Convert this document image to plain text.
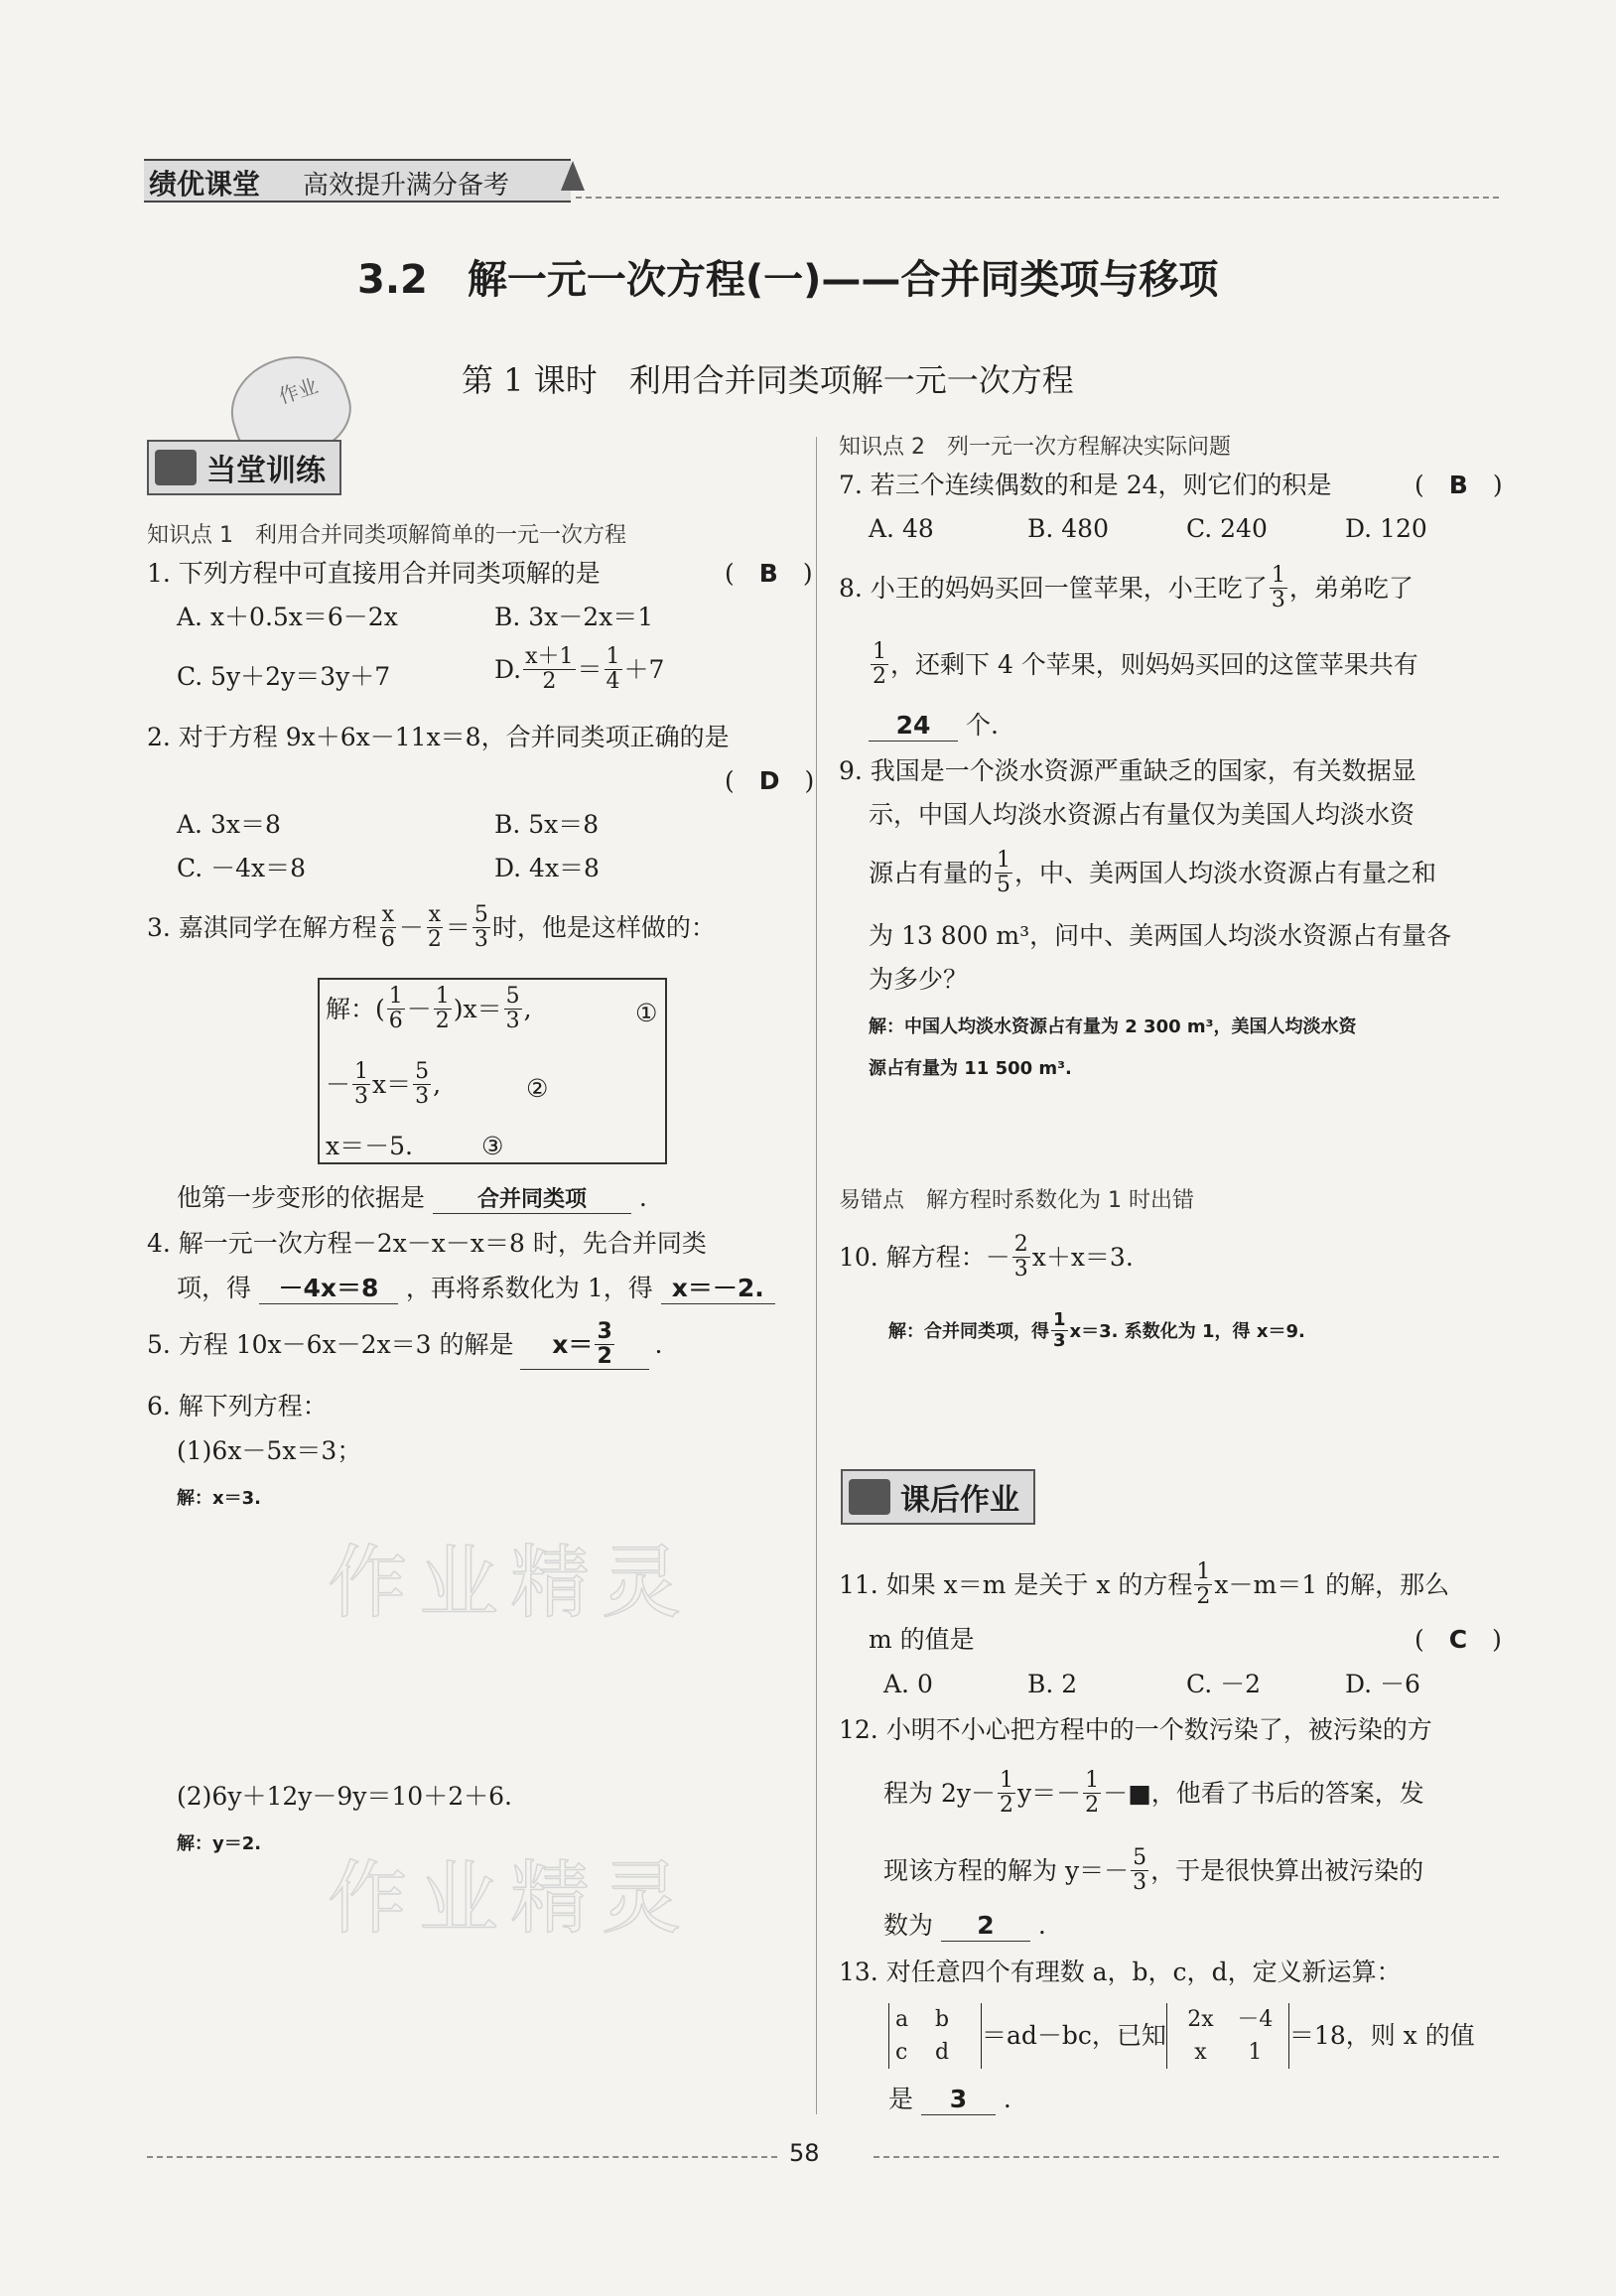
绩优课堂 高效提升满分备考
3.2　解一元一次方程(一)——合并同类项与移项
第 1 课时　利用合并同类项解一元一次方程
作业
当堂训练
知识点 1　利用合并同类项解简单的一元一次方程
1. 下列方程中可直接用合并同类项解的是	(　B　)
A. x＋0.5x＝6－2x	B. 3x－2x＝1
C. 5y＋2y＝3y＋7	D. $\frac{x+1}{2} = \frac{1}{4} +7$
2. 对于方程 9x＋6x－11x＝8，合并同类项正确的是
(　D　)
A. 3x＝8	B. 5x＝8
C. －4x＝8	D. 4x＝8
3. 嘉淇同学在解方程 $\frac{x}{6} - \frac{x}{2} = \frac{5}{3}$ 时，他是这样做的：
解： ( $\frac{1}{6} - \frac{1}{2} )x= \frac{5}{3}$ ,	①
－ $\frac{1}{3} x= \frac{5}{3}$ ,	②
x＝－5.	③
他第一步变形的依据是 合并同类项 .
4. 解一元一次方程－2x－x－x＝8 时，先合并同类
项，得 －4x＝8 ，再将系数化为 1，得 x＝－2.
5. 方程 10x－6x－2x＝3 的解是 $x= \frac{3}{2}$ .
6. 解下列方程：
(1)6x－5x＝3；
解：x＝3.
作业精灵
(2)6y＋12y－9y＝10＋2＋6.
解：y＝2.
作业精灵
知识点 2　列一元一次方程解决实际问题
7. 若三个连续偶数的和是 24，则它们的积是	(　B　)
A. 48	B. 480	C. 240	D. 120
8. 小王的妈妈买回一筐苹果，小王吃了 $\frac{1}{3}$ ，弟弟吃了
$\frac{1}{2}$ ，还剩下 4 个苹果，则妈妈买回的这筐苹果共有
24 个.
9. 我国是一个淡水资源严重缺乏的国家，有关数据显
示，中国人均淡水资源占有量仅为美国人均淡水资
源占有量的 $\frac{1}{5}$ ，中、美两国人均淡水资源占有量之和
为 13 800 m³，问中、美两国人均淡水资源占有量各
为多少？
解：中国人均淡水资源占有量为 2 300 m³，美国人均淡水资
源占有量为 11 500 m³.
易错点　解方程时系数化为 1 时出错
10. 解方程：－ $\frac{2}{3} x+x=3$.
解：合并同类项，得 $\frac{1}{3} x=3$. 系数化为 1，得 x＝9.
课后作业
11. 如果 x＝m 是关于 x 的方程 $\frac{1}{2} x-m=1$ 的解，那么
m 的值是	(　C　)
A. 0	B. 2	C. －2	D. －6
12. 小明不小心把方程中的一个数污染了，被污染的方
程为 $2y- \frac{1}{2} y=- \frac{1}{2}$ －■，他看了书后的答案，发
现该方程的解为 $y=- \frac{5}{3}$ ，于是很快算出被污染的
数为 2 .
13. 对任意四个有理数 a，b，c，d，定义新运算：
a	b
c	d
＝ad－bc，已知
2x	－4
x	1
＝18，则 x 的值
是 3 .
58
